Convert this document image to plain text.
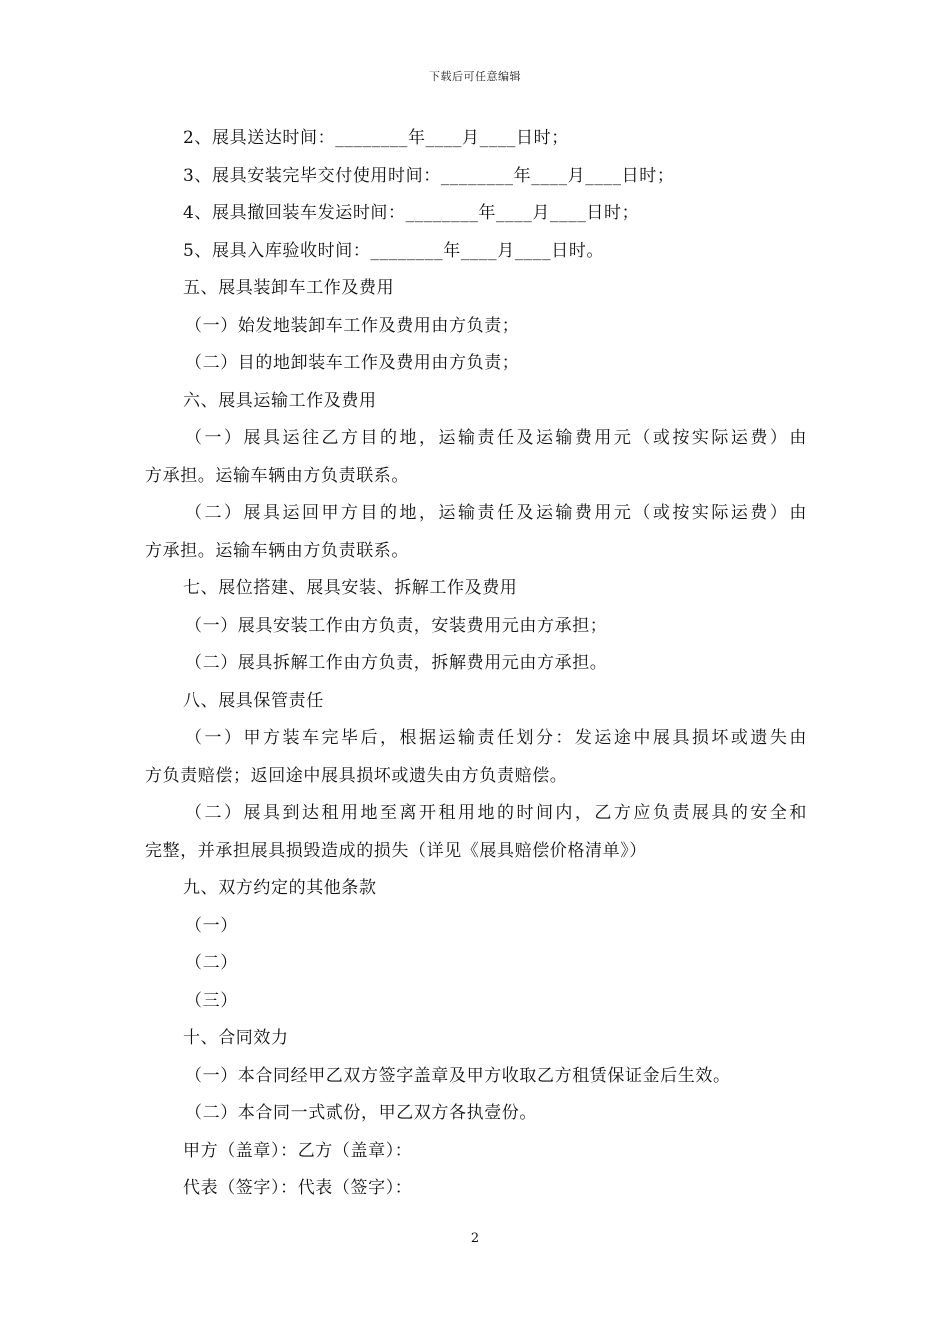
下载后可任意编辑
2、展具送达时间：________年____月____日时；
3、展具安装完毕交付使用时间：________年____月____日时；
4、展具撤回装车发运时间：________年____月____日时；
5、展具入库验收时间：________年____月____日时。
五、展具装卸车工作及费用
（一）始发地装卸车工作及费用由方负责；
（二）目的地卸装车工作及费用由方负责；
六、展具运输工作及费用
（一）展具运往乙方目的地，运输责任及运输费用元（或按实际运费）由
方承担。运输车辆由方负责联系。
（二）展具运回甲方目的地，运输责任及运输费用元（或按实际运费）由
方承担。运输车辆由方负责联系。
七、展位搭建、展具安装、拆解工作及费用
（一）展具安装工作由方负责，安装费用元由方承担；
（二）展具拆解工作由方负责，拆解费用元由方承担。
八、展具保管责任
（一）甲方装车完毕后，根据运输责任划分：发运途中展具损坏或遗失由
方负责赔偿；返回途中展具损坏或遗失由方负责赔偿。
（二）展具到达租用地至离开租用地的时间内，乙方应负责展具的安全和
完整，并承担展具损毁造成的损失（详见《展具赔偿价格清单》）
九、双方约定的其他条款
（一）
（二）
（三）
十、合同效力
（一）本合同经甲乙双方签字盖章及甲方收取乙方租赁保证金后生效。
（二）本合同一式贰份，甲乙双方各执壹份。
甲方（盖章）：乙方（盖章）：
代表（签字）：代表（签字）：
2
